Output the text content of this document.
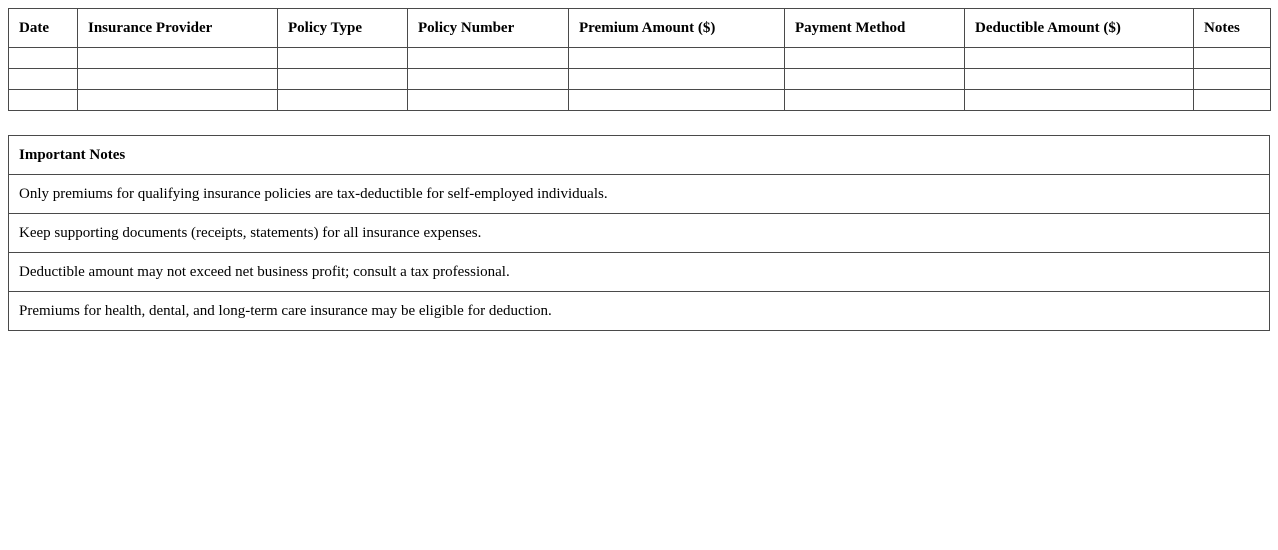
Date	Insurance Provider	Policy Type	Policy Number	Premium Amount ($)	Payment Method	Deductible Amount ($)	Notes

Important Notes
Only premiums for qualifying insurance policies are tax-deductible for self-employed individuals.
Keep supporting documents (receipts, statements) for all insurance expenses.
Deductible amount may not exceed net business profit; consult a tax professional.
Premiums for health, dental, and long-term care insurance may be eligible for deduction.
